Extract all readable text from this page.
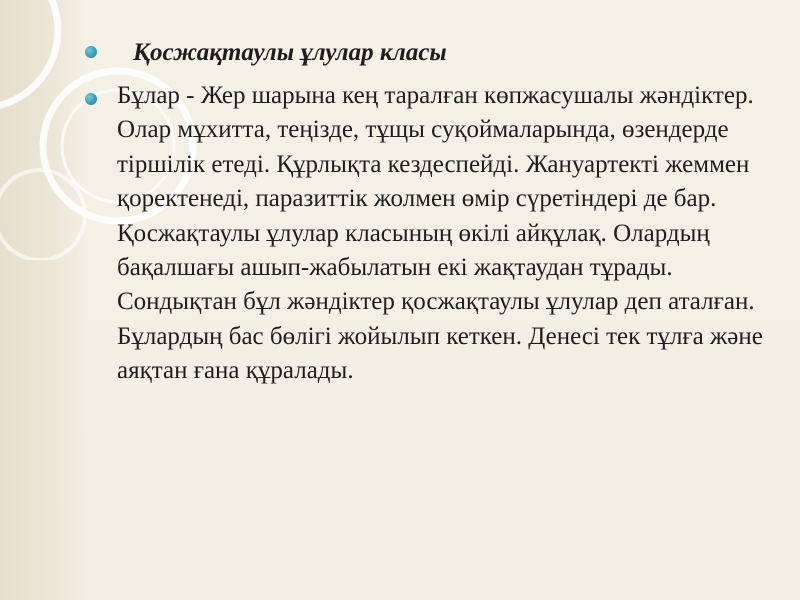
Қосжақтаулы ұлулар класы
Бұлар - Жер шарына кең таралған көпжасушалы жәндіктер. Олар мұхитта, теңізде, тұщы суқоймаларында, өзендерде тіршілік етеді. Құрлықта кездеспейді. Жануартекті жеммен қоректенеді, паразиттік жолмен өмір сүретіндері де бар. Қосжақтаулы ұлулар класының өкілі айқұлақ. Олардың бақалшағы ашып-жабылатын екі жақтаудан тұрады. Сондықтан бұл жәндіктер қосжақтаулы ұлулар деп аталған. Бұлардың бас бөлігі жойылып кеткен. Денесі тек тұлға және аяқтан ғана құралады.
